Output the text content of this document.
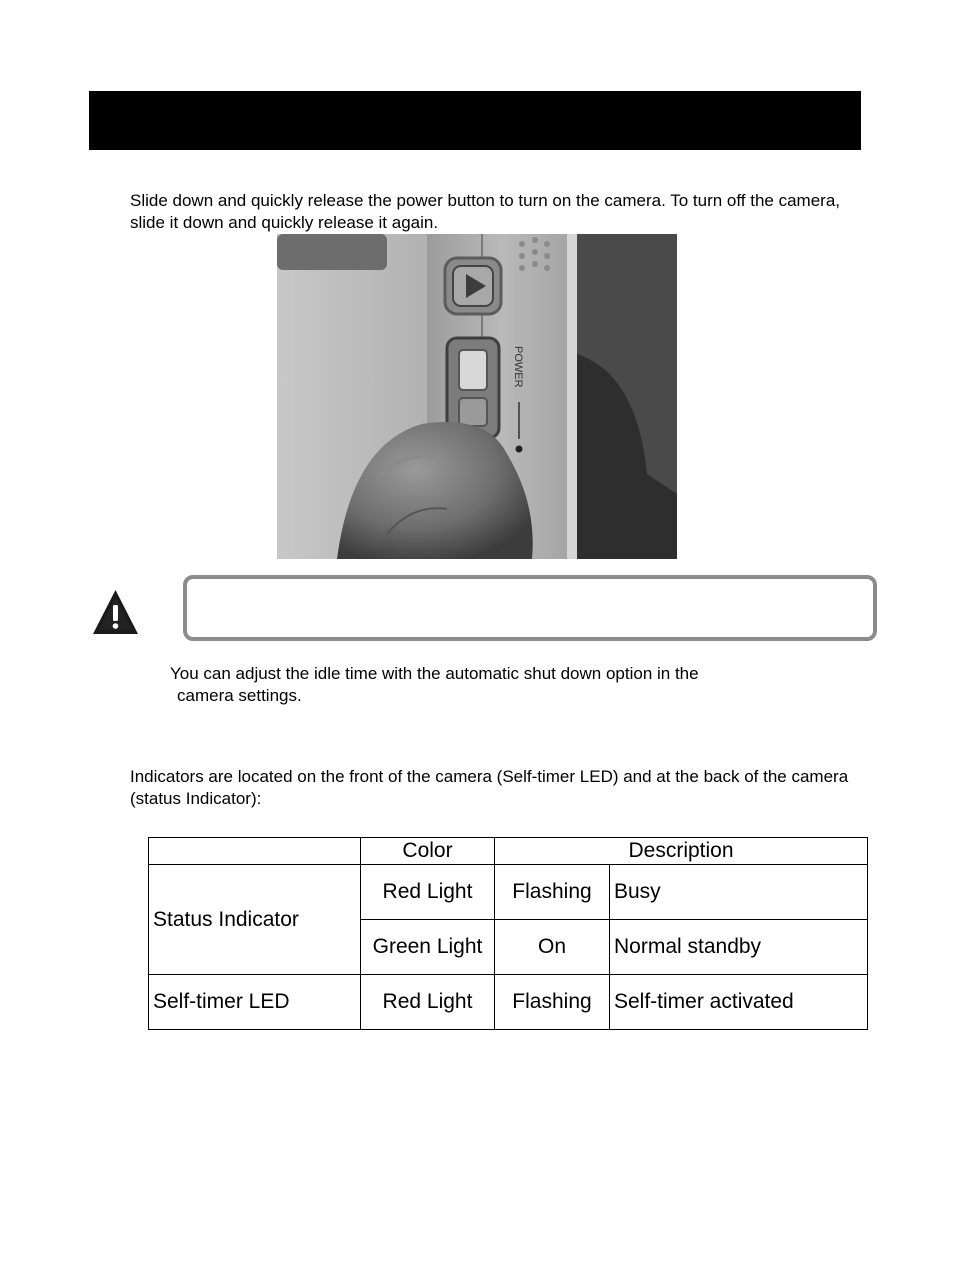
Slide down and quickly release the power button to turn on the camera. To turn off the camera, slide it down and quickly release it again.

POWER

You can adjust the idle time with the automatic shut down option in the
camera settings.

Indicators are located on the front of the camera (Self-timer LED) and at the back of the camera (status Indicator):

	Color	Description	
Status Indicator	Red Light	Flashing	Busy
	Green Light	On	Normal standby
Self-timer LED	Red Light	Flashing	Self-timer activated
